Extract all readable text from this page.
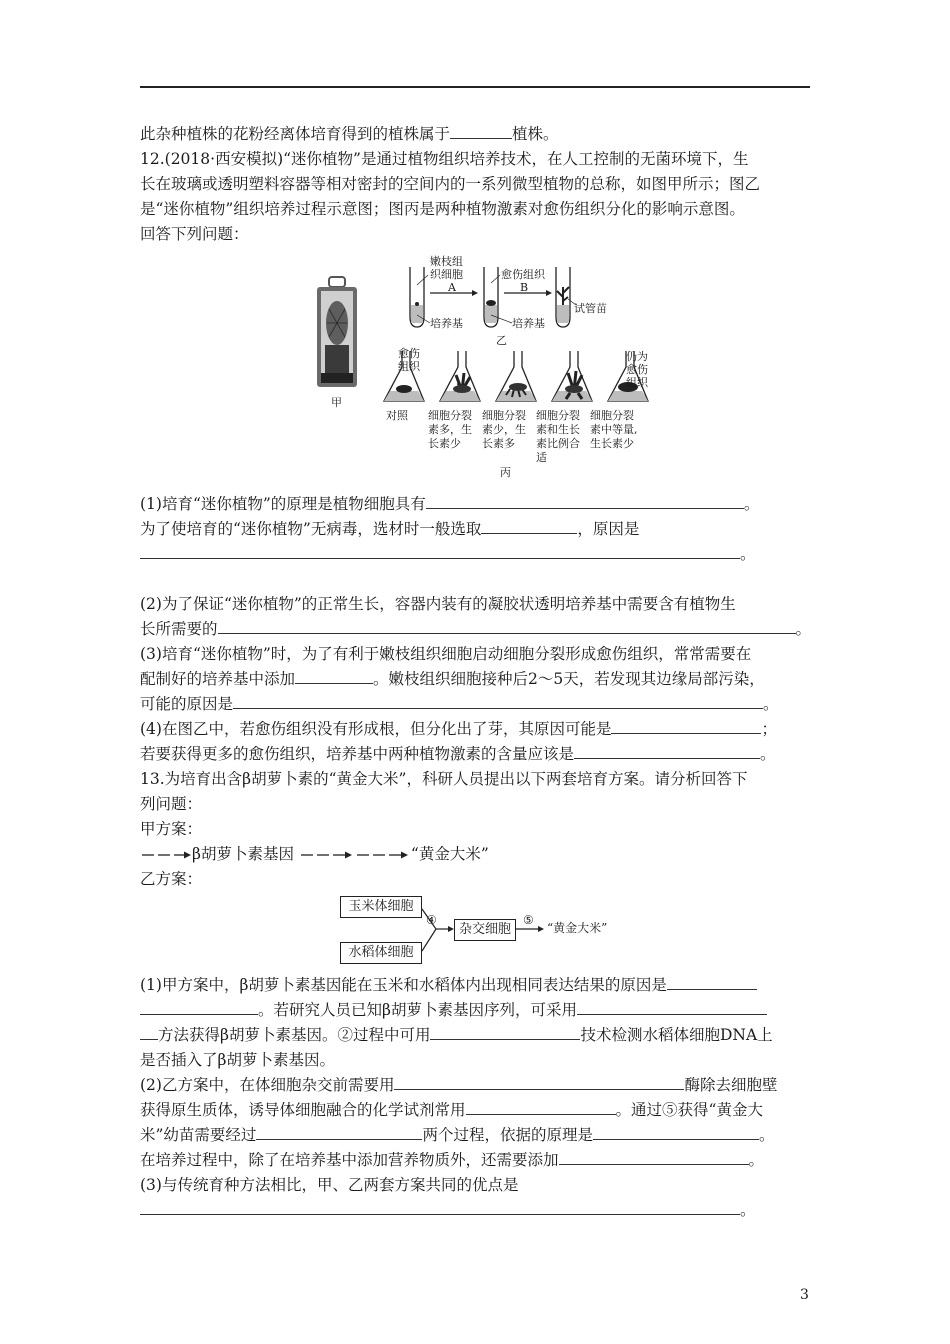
此杂种植株的花粉经离体培育得到的植株属于	植株。
12.(2018·西安模拟)“迷你植物”是通过植物组织培养技术，在人工控制的无菌环境下，生
长在玻璃或透明塑料容器等相对密封的空间内的一系列微型植物的总称，如图甲所示；图乙
是“迷你植物”组织培养过程示意图；图丙是两种植物激素对愈伤组织分化的影响示意图。
回答下列问题：
甲
嫩枝组
织细胞
A
愈伤组织
B
培养基	培养基
试管苗
乙
愈伤
组织
仍为
愈伤
组织
对照 细胞分裂
素多，生
长素少
细胞分裂
素少，生
长素多
细胞分裂
素和生长
素比例合
适
细胞分裂
素中等量,
生长素少
丙
(1)培育“迷你植物”的原理是植物细胞具有	。
为了使培育的“迷你植物”无病毒，选材时一般选取	，原因是
。
(2)为了保证“迷你植物”的正常生长，容器内装有的凝胶状透明培养基中需要含有植物生
长所需要的	。
(3)培育“迷你植物”时，为了有利于嫩枝组织细胞启动细胞分裂形成愈伤组织，常常需要在
配制好的培养基中添加	。嫩枝组织细胞接种后2～5天，若发现其边缘局部污染，
可能的原因是	。
(4)在图乙中，若愈伤组织没有形成根，但分化出了芽，其原因可能是	；
若要获得更多的愈伤组织，培养基中两种植物激素的含量应该是	。
13.为培育出含β胡萝卜素的“黄金大米”，科研人员提出以下两套培育方案。请分析回答下
列问题：
甲方案：
β胡萝卜素基因	“黄金大米”
乙方案：
玉米体细胞
水稻体细胞
杂交细胞
④	⑤
“黄金大米”
(1)甲方案中，β胡萝卜素基因能在玉米和水稻体内出现相同表达结果的原因是
。若研究人员已知β胡萝卜素基因序列，可采用
方法获得β胡萝卜素基因。②过程中可用	技术检测水稻体细胞DNA上
是否插入了β胡萝卜素基因。
(2)乙方案中，在体细胞杂交前需要用	酶除去细胞壁
获得原生质体，诱导体细胞融合的化学试剂常用	。通过⑤获得“黄金大
米”幼苗需要经过	两个过程，依据的原理是	。
在培养过程中，除了在培养基中添加营养物质外，还需要添加	。
(3)与传统育种方法相比，甲、乙两套方案共同的优点是
。
3
